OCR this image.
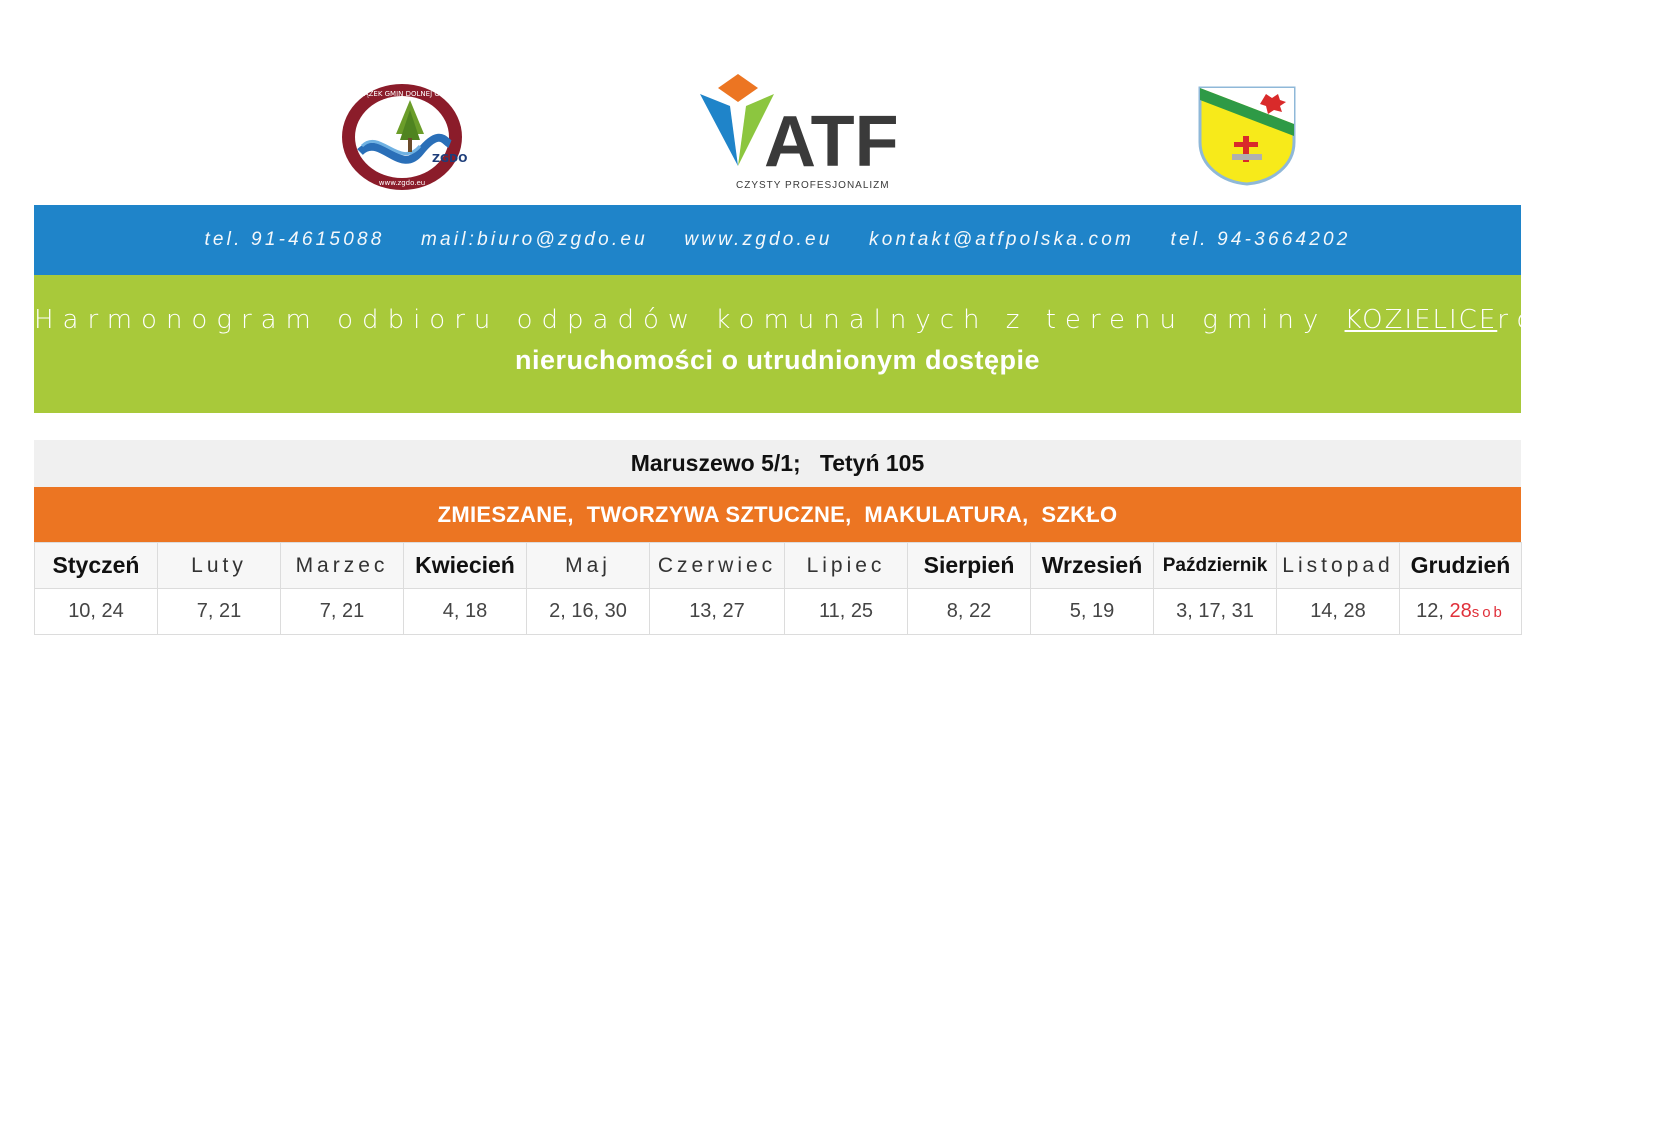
ZGDO
www.zgdo.eu
ZWIĄZEK GMIN DOLNEJ ODRY
ATF
CZYSTY PROFESJONALIZM
tel. 91-4615088 mail:biuro@zgdo.eu www.zgdo.eu kontakt@atfpolska.com tel. 94-3664202
Harmonogram odbioru odpadów komunalnych z terenu gminy KOZIELICErok 2019
nieruchomości o utrudnionym dostępie
Maruszewo 5/1;   Tetyń 105
ZMIESZANE,  TWORZYWA SZTUCZNE,  MAKULATURA,  SZKŁO
Styczeń	Luty	Marzec	Kwiecień	Maj	Czerwiec	Lipiec	Sierpień	Wrzesień	Październik	Listopad	Grudzień
10, 24	7, 21	7, 21	4, 18	2, 16, 30	13, 27	11, 25	8, 22	5, 19	3, 17, 31	14, 28	12, 28sob
